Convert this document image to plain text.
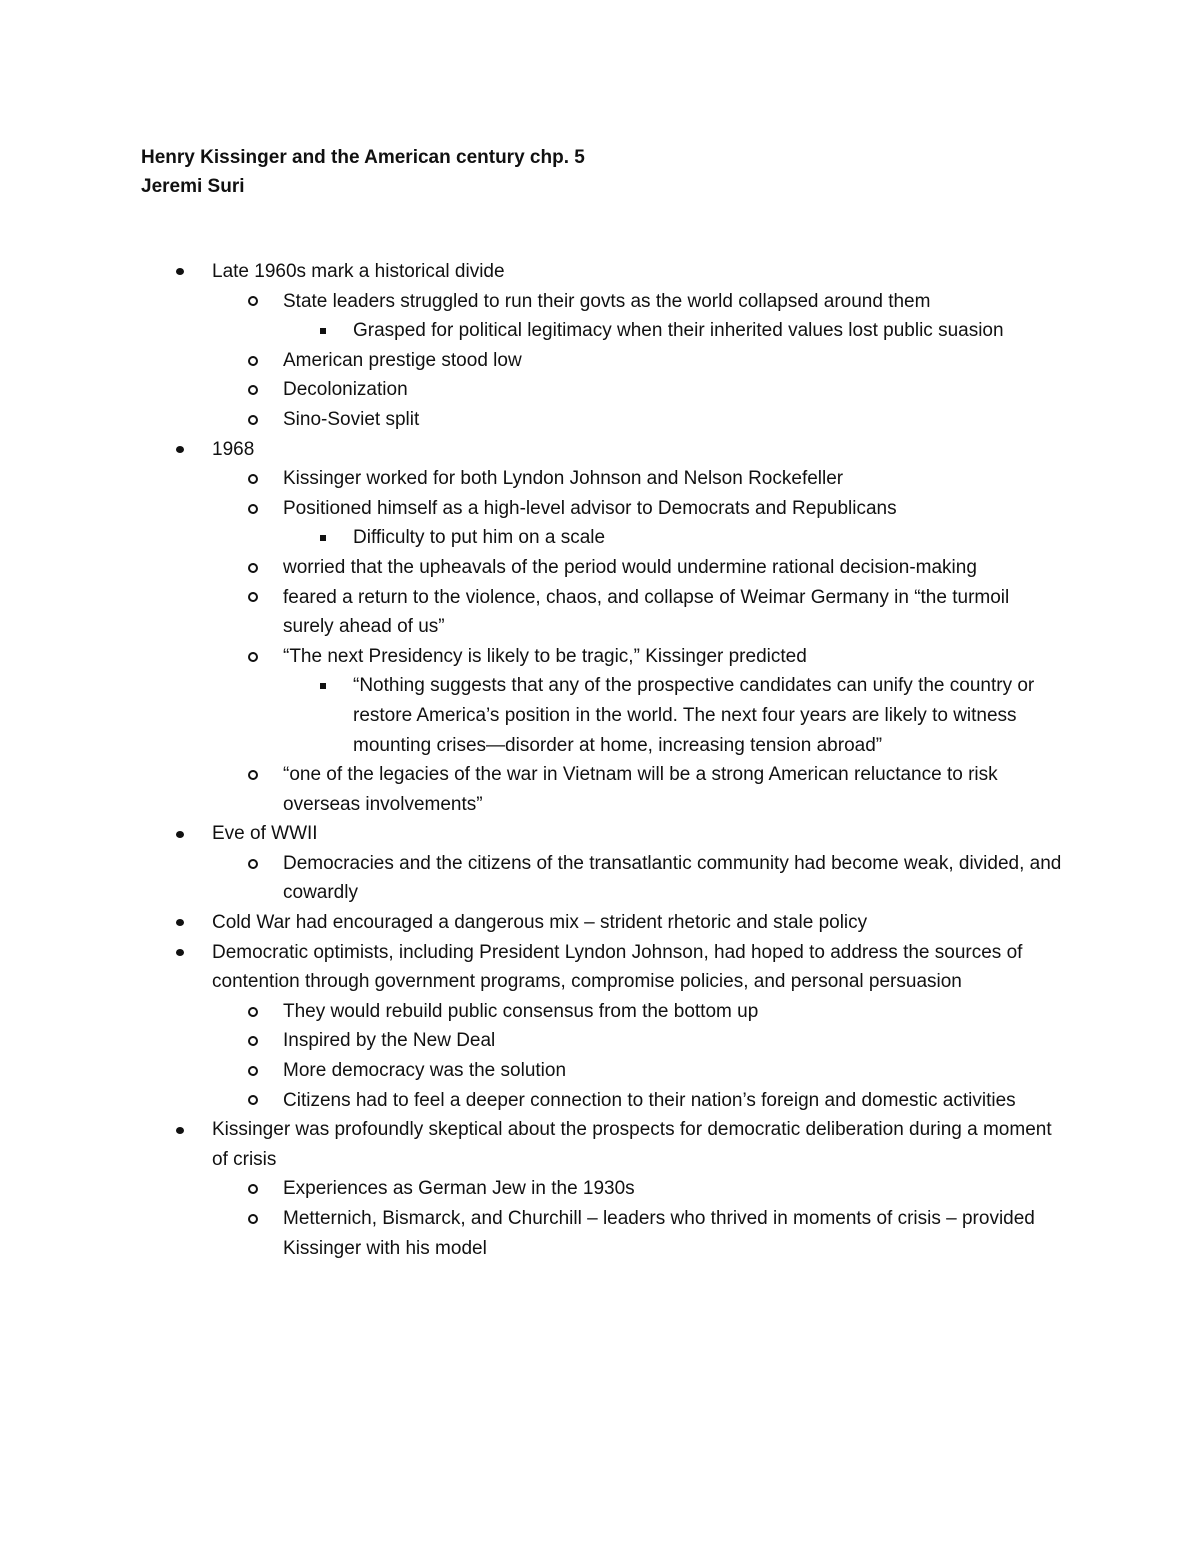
Henry Kissinger and the American century chp. 5
Jeremi Suri
Late 1960s mark a historical divide
State leaders struggled to run their govts as the world collapsed around them
Grasped for political legitimacy when their inherited values lost public suasion
American prestige stood low
Decolonization
Sino-Soviet split
1968
Kissinger worked for both Lyndon Johnson and Nelson Rockefeller
Positioned himself as a high-level advisor to Democrats and Republicans
Difficulty to put him on a scale
worried that the upheavals of the period would undermine rational decision-making
feared a return to the violence, chaos, and collapse of Weimar Germany in “the turmoil surely ahead of us”
“The next Presidency is likely to be tragic,” Kissinger predicted
“Nothing suggests that any of the prospective candidates can unify the country or restore America’s position in the world. The next four years are likely to witness mounting crises—disorder at home, increasing tension abroad”
“one of the legacies of the war in Vietnam will be a strong American reluctance to risk overseas involvements”
Eve of WWII
Democracies and the citizens of the transatlantic community had become weak, divided, and cowardly
Cold War had encouraged a dangerous mix – strident rhetoric and stale policy
Democratic optimists, including President Lyndon Johnson, had hoped to address the sources of contention through government programs, compromise policies, and personal persuasion
They would rebuild public consensus from the bottom up
Inspired by the New Deal
More democracy was the solution
Citizens had to feel a deeper connection to their nation’s foreign and domestic activities
Kissinger was profoundly skeptical about the prospects for democratic deliberation during a moment of crisis
Experiences as German Jew in the 1930s
Metternich, Bismarck, and Churchill – leaders who thrived in moments of crisis – provided Kissinger with his model
